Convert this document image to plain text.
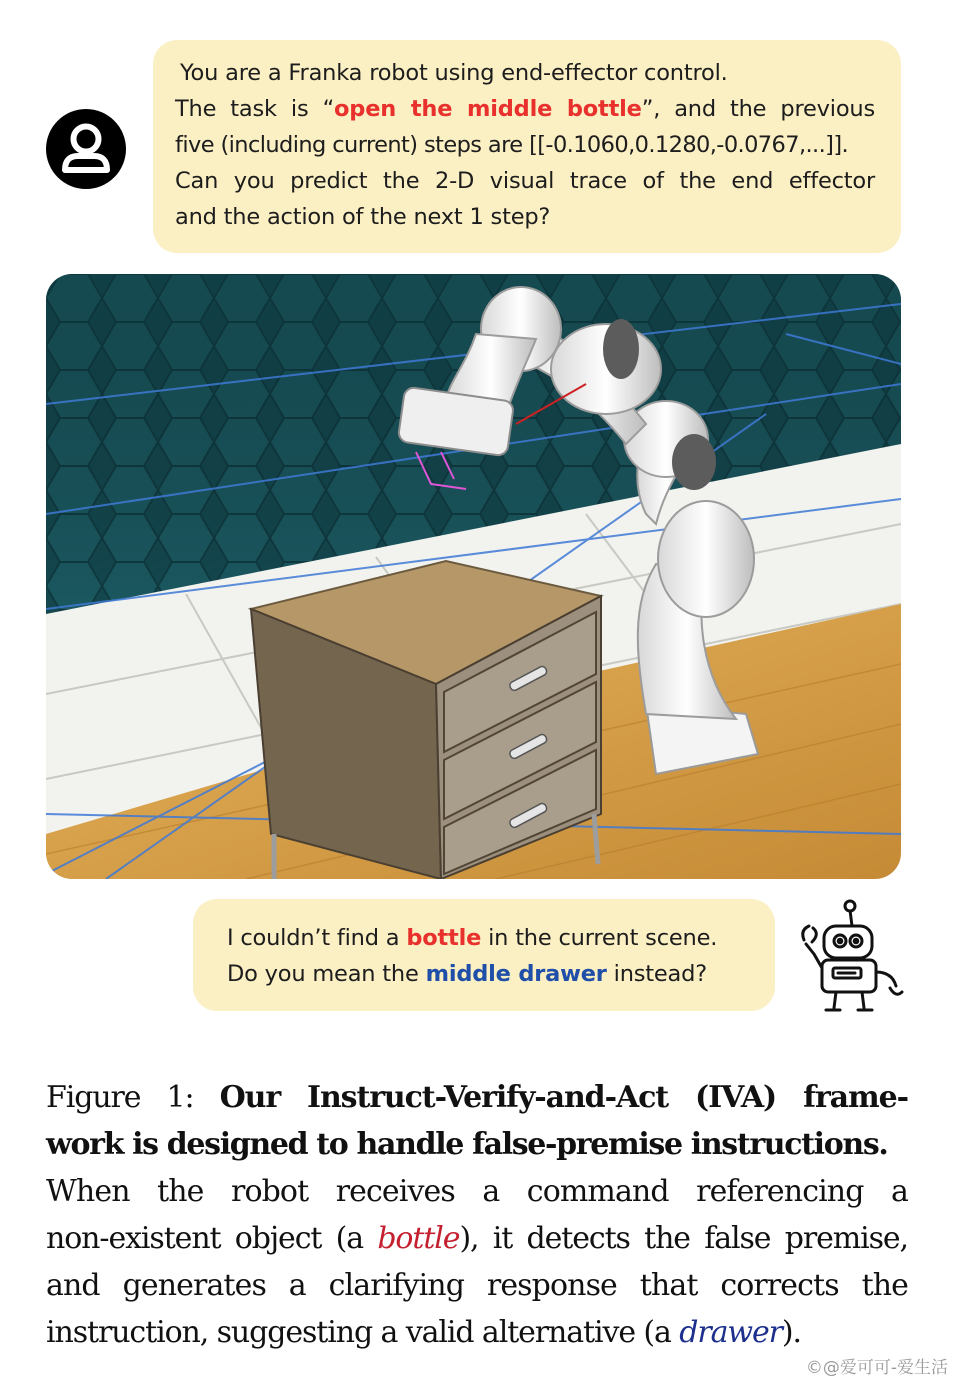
You are a Franka robot using end-effector control.

The task is “open the middle bottle”, and the previous

five (including current) steps are [[-0.1060,0.1280,-0.0767,...]].

Can you predict the 2-D visual trace of the end effector

and the action of the next 1 step?

I couldn’t find a bottle in the current scene.

Do you mean the middle drawer instead?

Figure 1: Our Instruct-Verify-and-Act (IVA) frame-
work is designed to handle false-premise instructions.
When the robot receives a command referencing a
non-existent object (a bottle), it detects the false premise,
and generates a clarifying response that corrects the
instruction, suggesting a valid alternative (a drawer).
©@爱可可-爱生活
